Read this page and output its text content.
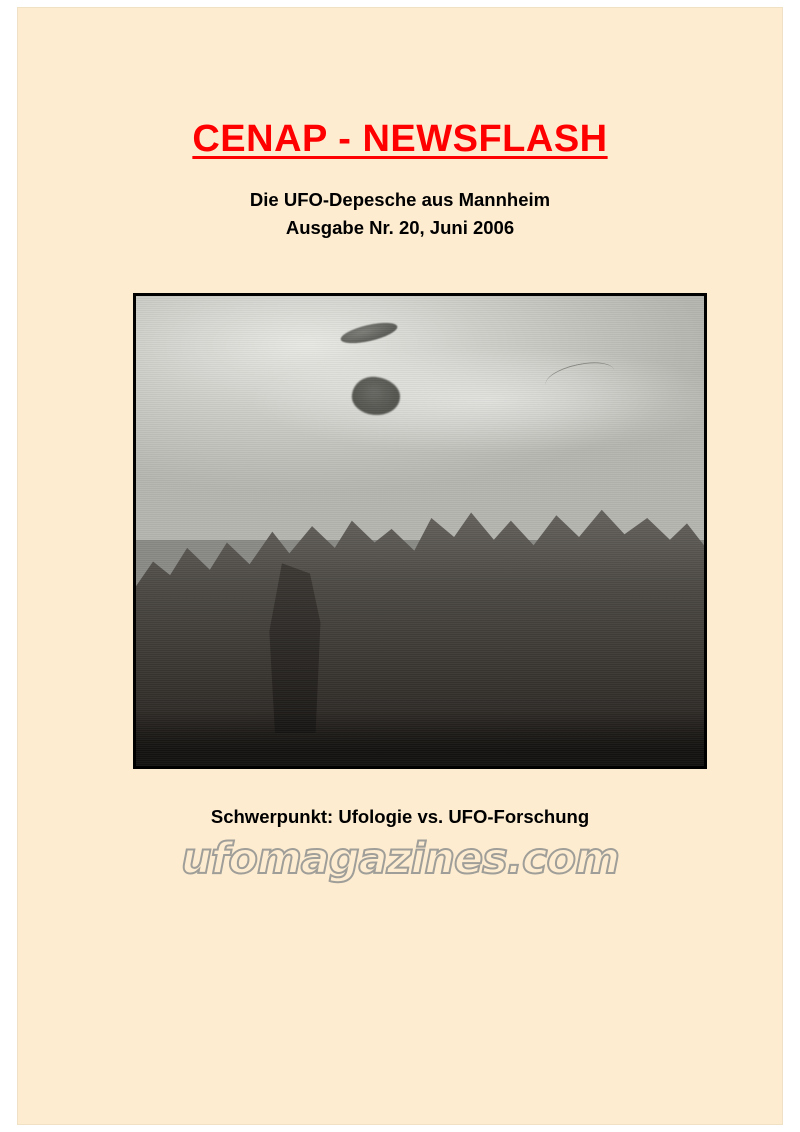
CENAP - NEWSFLASH
Die UFO-Depesche aus Mannheim
Ausgabe Nr. 20, Juni 2006
Schwerpunkt: Ufologie vs. UFO-Forschung
ufomagazines.com
